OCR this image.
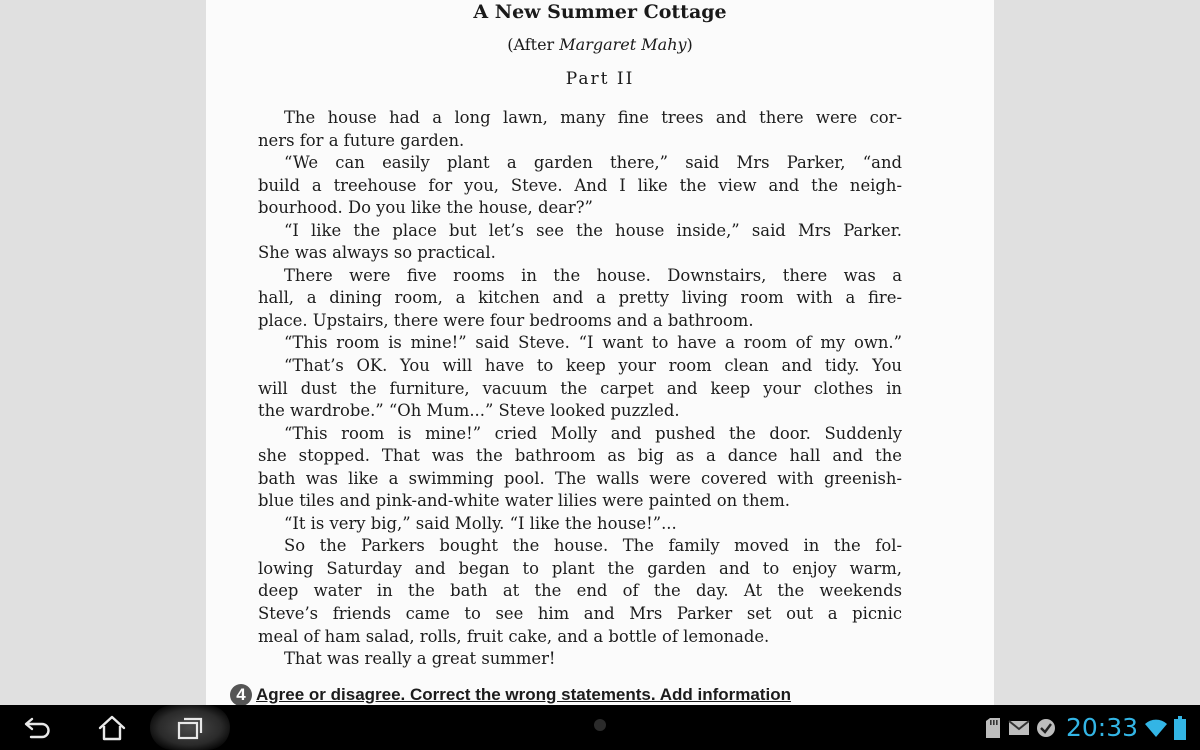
A New Summer Cottage
(After Margaret Mahy)
Part II
The house had a long lawn, many fine trees and there were cor-
ners for a future garden.
“We can easily plant a garden there,” said Mrs Parker, “and
build a treehouse for you, Steve. And I like the view and the neigh-
bourhood. Do you like the house, dear?”
“I like the place but let’s see the house inside,” said Mrs Parker.
She was always so practical.
There were five rooms in the house. Downstairs, there was a
hall, a dining room, a kitchen and a pretty living room with a fire-
place. Upstairs, there were four bedrooms and a bathroom.
“This room is mine!” said Steve. “I want to have a room of my own.”
“That’s OK. You will have to keep your room clean and tidy. You
will dust the furniture, vacuum the carpet and keep your clothes in
the wardrobe.” “Oh Mum...” Steve looked puzzled.
“This room is mine!” cried Molly and pushed the door. Suddenly
she stopped. That was the bathroom as big as a dance hall and the
bath was like a swimming pool. The walls were covered with greenish-
blue tiles and pink-and-white water lilies were painted on them.
“It is very big,” said Molly. “I like the house!”...
So the Parkers bought the house. The family moved in the fol-
lowing Saturday and began to plant the garden and to enjoy warm,
deep water in the bath at the end of the day. At the weekends
Steve’s friends came to see him and Mrs Parker set out a picnic
meal of ham salad, rolls, fruit cake, and a bottle of lemonade.
That was really a great summer!
4 Agree or disagree. Correct the wrong statements. Add information
20:33
